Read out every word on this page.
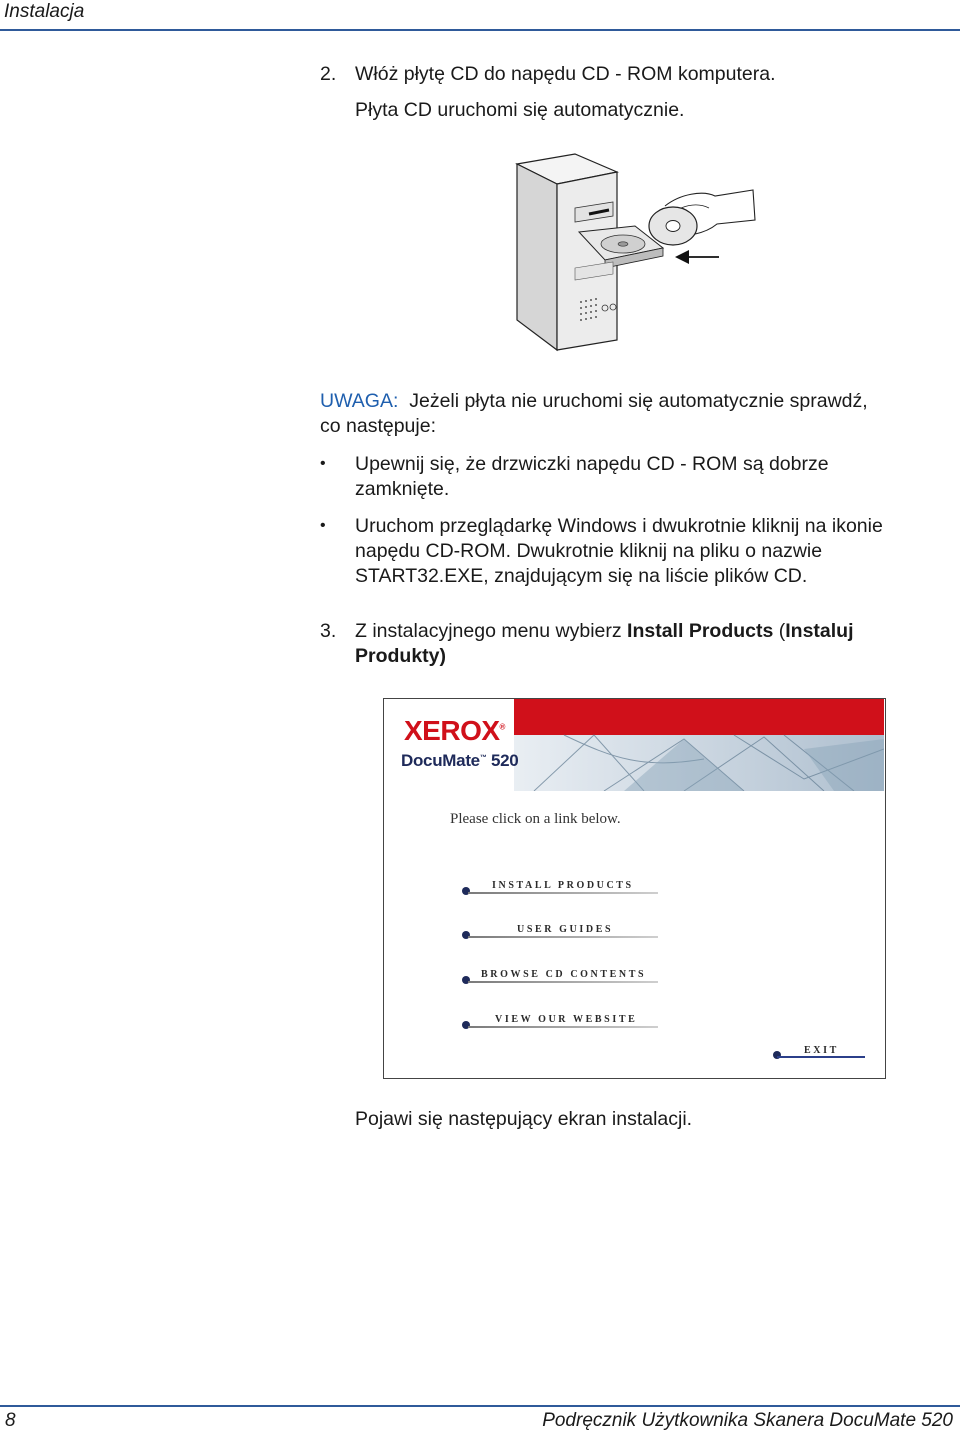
Instalacja
2. Włóż płytę CD do napędu CD - ROM komputera.
Płyta CD uruchomi się automatycznie.
UWAGA: Jeżeli płyta nie uruchomi się automatycznie sprawdź,
co następuje:
• Upewnij się, że drzwiczki napędu CD - ROM są dobrze
zamknięte.
• Uruchom przeglądarkę Windows i dwukrotnie kliknij na ikonie
napędu CD-ROM. Dwukrotnie kliknij na pliku o nazwie
START32.EXE, znajdującym się na liście plików CD.
3. Z instalacyjnego menu wybierz Install Products (Instaluj
Produkty)
XEROX®
DocuMate™ 520
Please click on a link below.
INSTALL PRODUCTS
USER GUIDES
BROWSE CD CONTENTS
VIEW OUR WEBSITE
EXIT
Pojawi się następujący ekran instalacji.
8	Podręcznik Użytkownika Skanera DocuMate 520
